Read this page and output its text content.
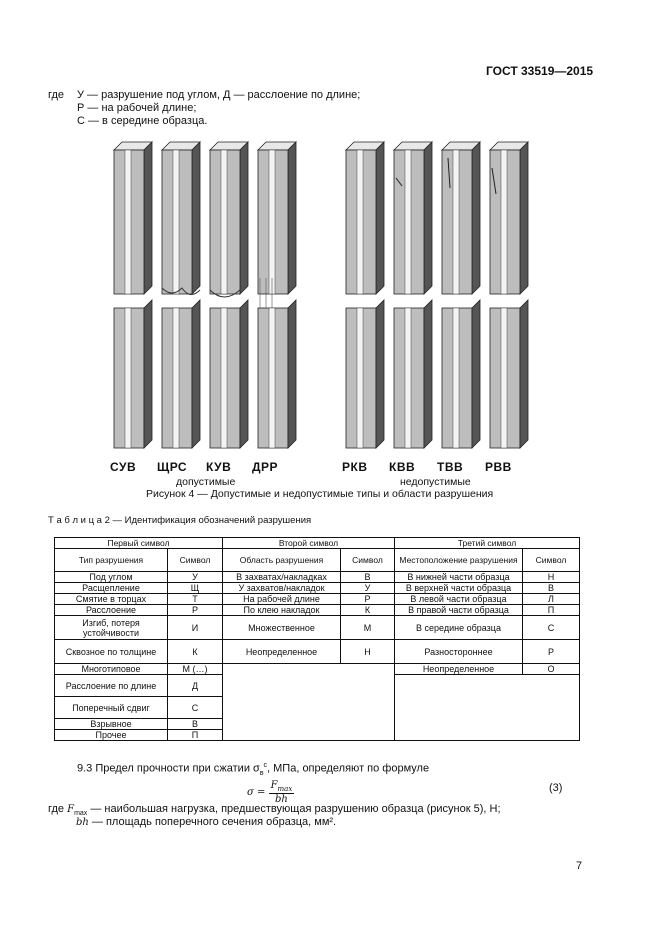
ГОСТ 33519—2015
где У — разрушение под углом, Д — расслоение по длине;
Р — на рабочей длине;
С — в середине образца.
СУВ ЩРС КУВ ДРР	РКВ КВВ ТВВ РВВ
допустимые	недопустимые
Рисунок 4 — Допустимые и недопустимые типы и области разрушения
Т а б л и ц а 2 — Идентификация обозначений разрушения
Первый символ		Второй символ		Третий символ	
Тип разрушения	Символ	Область разрушения	Символ	Местоположение разрушения	Символ
Под углом	У	В захватах/накладках	В	В нижней части образца	Н
Расщепление	Щ	У захватов/накладок	У	В верхней части образца	В
Смятие в торцах	Т	На рабочей длине	Р	В левой части образца	Л
Расслоение	Р	По клею накладок	К	В правой части образца	П
Изгиб, потеря устойчивости	И	Множественное	М	В середине образца	С
Сквозное по толщине	К	Неопределенное	Н	Разностороннее	Р
Многотиповое	М (…)			Неопределенное	О
Расслоение по длине	Д				
Поперечный сдвиг	С				
Взрывное	В				
Прочее	П				
9.3 Предел прочности при сжатии $\sigma_в^c$, МПа, определяют по формуле
σ =
$F_{max}$
bh
(3)
где $F_{max}$ — наибольшая нагрузка, предшествующая разрушению образца (рисунок 5), Н;
bh — площадь поперечного сечения образца, мм².
7
